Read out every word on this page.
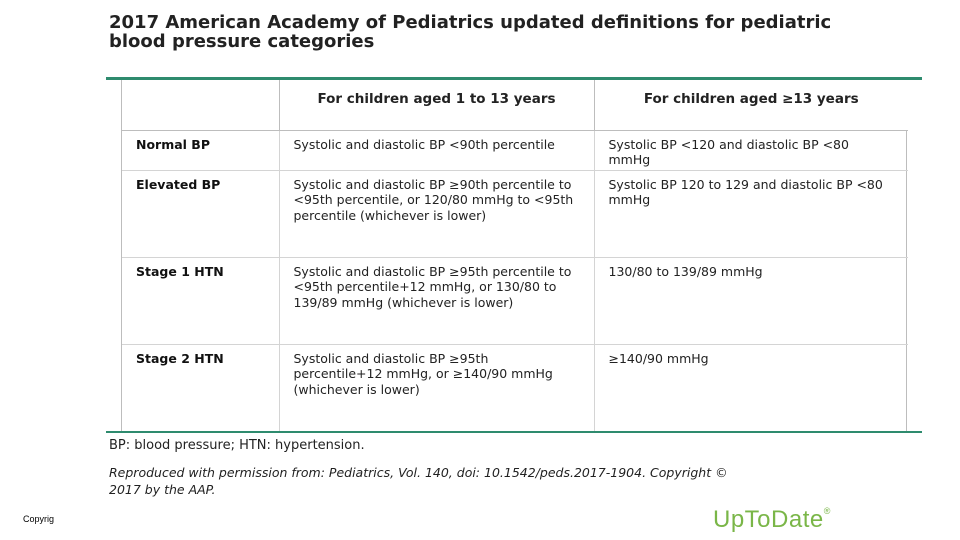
2017 American Academy of Pediatrics updated definitions for pediatric blood pressure categories
	For children aged 1 to 13 years	For children aged ≥13 years
Normal BP	Systolic and diastolic BP <90th percentile	Systolic BP <120 and diastolic BP <80 mmHg
Elevated BP	Systolic and diastolic BP ≥90th percentile to <95th percentile, or 120/80 mmHg to <95th percentile (whichever is lower)	Systolic BP 120 to 129 and diastolic BP <80 mmHg
Stage 1 HTN	Systolic and diastolic BP ≥95th percentile to <95th percentile+12 mmHg, or 130/80 to 139/89 mmHg (whichever is lower)	130/80 to 139/89 mmHg
Stage 2 HTN	Systolic and diastolic BP ≥95th percentile+12 mmHg, or ≥140/90 mmHg (whichever is lower)	≥140/90 mmHg
BP: blood pressure; HTN: hypertension.
Reproduced with permission from: Pediatrics, Vol. 140, doi: 10.1542/peds.2017-1904. Copyright © 2017 by the AAP.
Copyrig	UpToDate®
